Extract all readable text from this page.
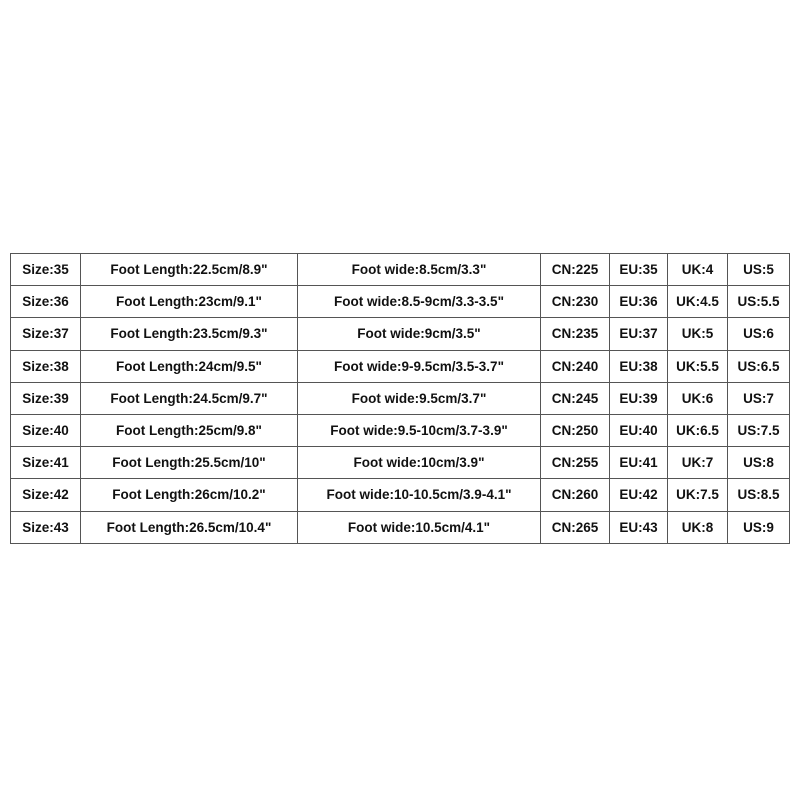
Size:35	Foot Length:22.5cm/8.9"	Foot wide:8.5cm/3.3"	CN:225	EU:35	UK:4	US:5
Size:36	Foot Length:23cm/9.1"	Foot wide:8.5-9cm/3.3-3.5"	CN:230	EU:36	UK:4.5	US:5.5
Size:37	Foot Length:23.5cm/9.3"	Foot wide:9cm/3.5"	CN:235	EU:37	UK:5	US:6
Size:38	Foot Length:24cm/9.5"	Foot wide:9-9.5cm/3.5-3.7"	CN:240	EU:38	UK:5.5	US:6.5
Size:39	Foot Length:24.5cm/9.7"	Foot wide:9.5cm/3.7"	CN:245	EU:39	UK:6	US:7
Size:40	Foot Length:25cm/9.8"	Foot wide:9.5-10cm/3.7-3.9"	CN:250	EU:40	UK:6.5	US:7.5
Size:41	Foot Length:25.5cm/10"	Foot wide:10cm/3.9"	CN:255	EU:41	UK:7	US:8
Size:42	Foot Length:26cm/10.2"	Foot wide:10-10.5cm/3.9-4.1"	CN:260	EU:42	UK:7.5	US:8.5
Size:43	Foot Length:26.5cm/10.4"	Foot wide:10.5cm/4.1"	CN:265	EU:43	UK:8	US:9
